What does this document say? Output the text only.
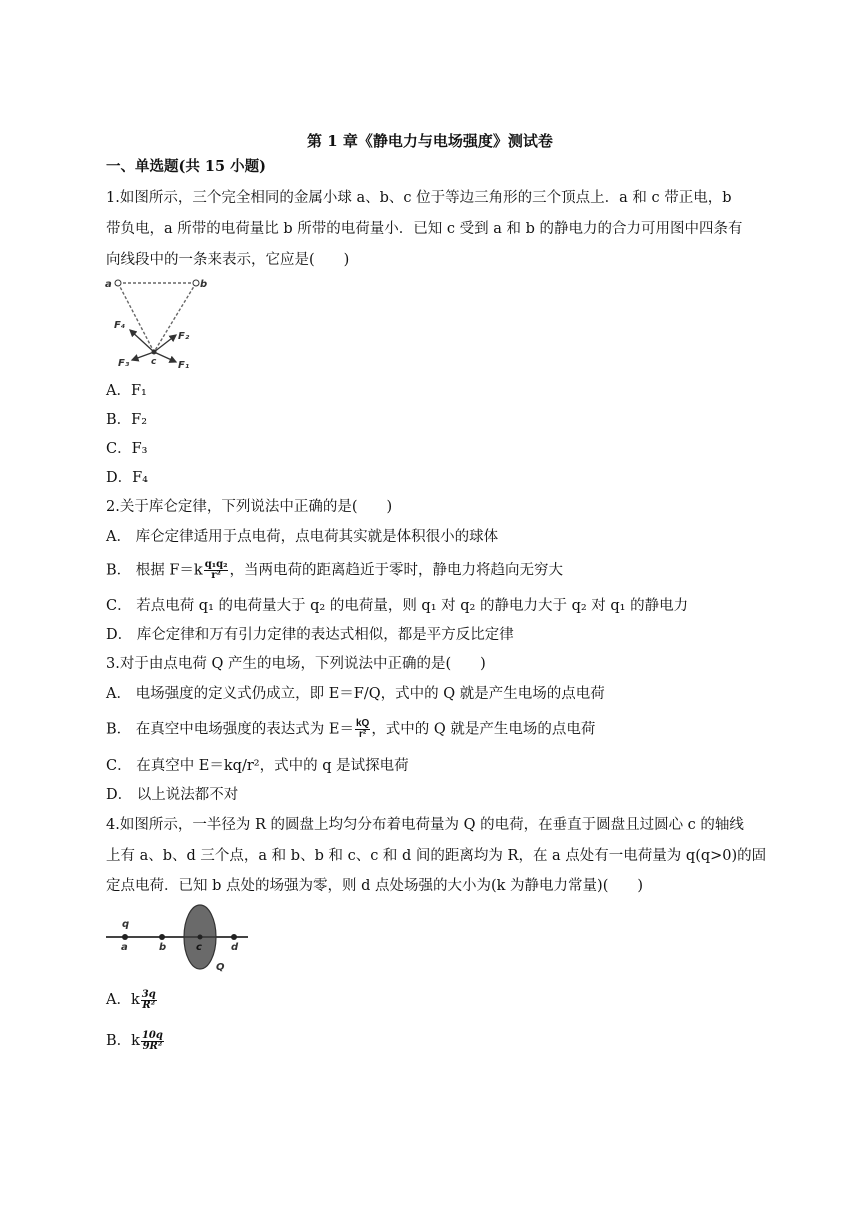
第 1 章《静电力与电场强度》测试卷
一、单选题(共 15 小题)
1.如图所示，三个完全相同的金属小球 a、b、c 位于等边三角形的三个顶点上．a 和 c 带正电，b
带负电，a 所带的电荷量比 b 所带的电荷量小．已知 c 受到 a 和 b 的静电力的合力可用图中四条有
向线段中的一条来表示，它应是(　　)
a	b
c
F₄
F₂
F₃	F₁
A．F₁
B．F₂
C．F₃
D．F₄
2.关于库仑定律，下列说法中正确的是(　　)
A． 库仑定律适用于点电荷，点电荷其实就是体积很小的球体
B． 根据 $F=k \frac{\text{q₁q₂}}{\text{r²}}$ ，当两电荷的距离趋近于零时，静电力将趋向无穷大
C． 若点电荷 q₁ 的电荷量大于 q₂ 的电荷量，则 q₁ 对 q₂ 的静电力大于 q₂ 对 q₁ 的静电力
D． 库仑定律和万有引力定律的表达式相似，都是平方反比定律
3.对于由点电荷 Q 产生的电场，下列说法中正确的是(　　)
A． 电场强度的定义式仍成立，即 E＝F/Q，式中的 Q 就是产生电场的点电荷
B． 在真空中电场强度的表达式为 $E= \frac{kQ}{\text{r²}}$ ，式中的 Q 就是产生电场的点电荷
C． 在真空中 E＝kq/r²，式中的 q 是试探电荷
D． 以上说法都不对
4.如图所示，一半径为 R 的圆盘上均匀分布着电荷量为 Q 的电荷，在垂直于圆盘且过圆心 c 的轴线
上有 a、b、d 三个点，a 和 b、b 和 c、c 和 d 间的距离均为 R，在 a 点处有一电荷量为 q(q>0)的固
定点电荷．已知 b 点处的场强为零，则 d 点处场强的大小为(k 为静电力常量)(　　)
q
a	b	c	d
Q
A．k $\frac{3q}{\text{R²}}$
B．k $\frac{10q}{\text{9R²}}$
